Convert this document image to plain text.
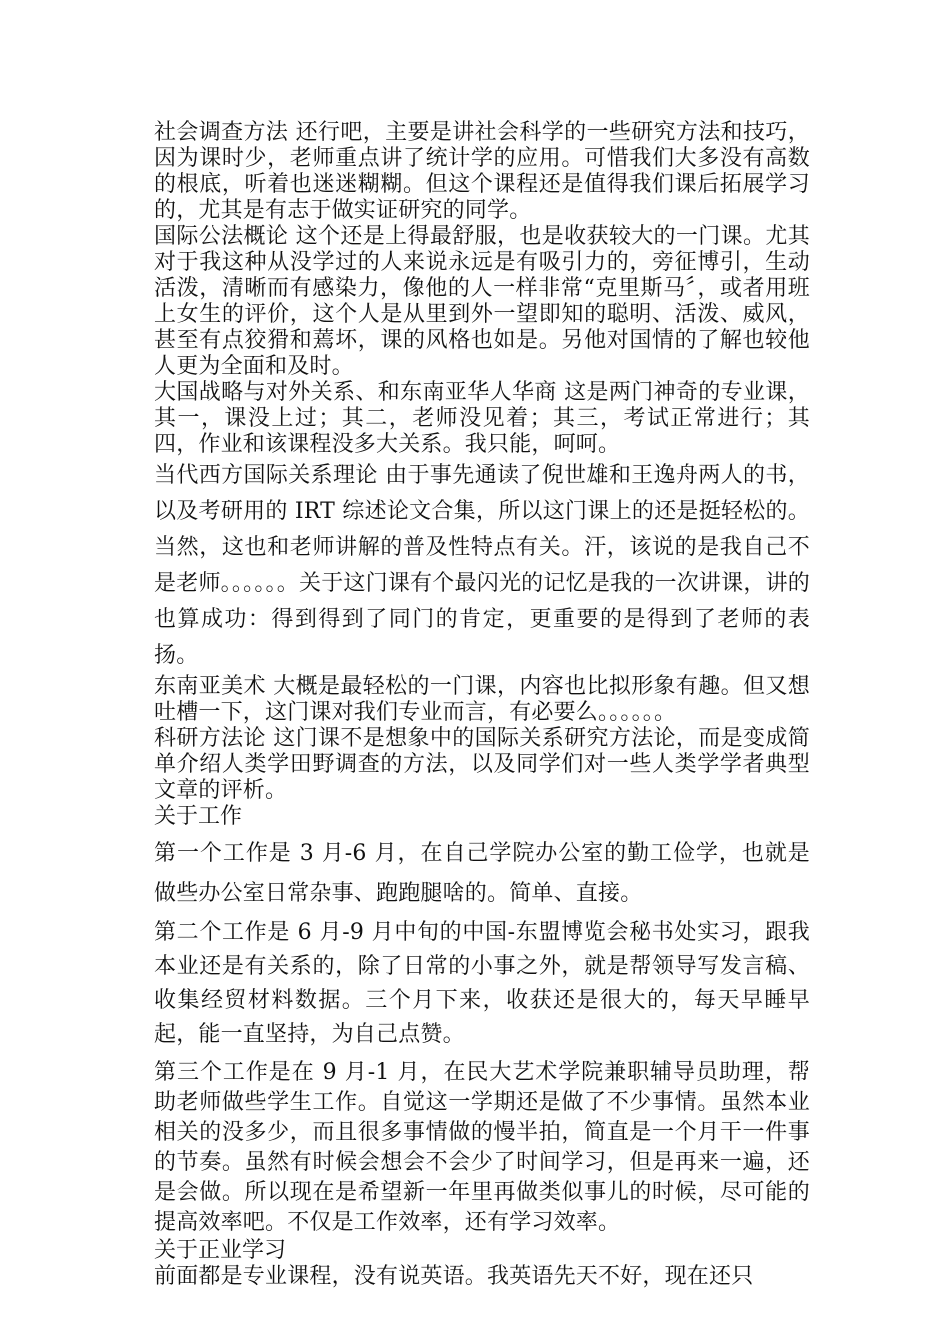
社会调查方法 还行吧，主要是讲社会科学的一些研究方法和技巧，因为课时少，老师重点讲了统计学的应用。可惜我们大多没有高数的根底，听着也迷迷糊糊。但这个课程还是值得我们课后拓展学习的，尤其是有志于做实证研究的同学。

国际公法概论 这个还是上得最舒服，也是收获较大的一门课。尤其对于我这种从没学过的人来说永远是有吸引力的，旁征博引，生动活泼，清晰而有感染力，像他的人一样非常“克里斯马〞，或者用班上女生的评价，这个人是从里到外一望即知的聪明、活泼、威风，甚至有点狡猾和蔫坏，课的风格也如是。另他对国情的了解也较他人更为全面和及时。

大国战略与对外关系、和东南亚华人华商 这是两门神奇的专业课，其一，课没上过；其二，老师没见着；其三，考试正常进行；其四，作业和该课程没多大关系。我只能，呵呵。

当代西方国际关系理论 由于事先通读了倪世雄和王逸舟两人的书，以及考研用的 IRT 综述论文合集，所以这门课上的还是挺轻松的。当然，这也和老师讲解的普及性特点有关。汗，该说的是我自己不是老师。。。。。。关于这门课有个最闪光的记忆是我的一次讲课，讲的也算成功：得到得到了同门的肯定，更重要的是得到了老师的表扬。

东南亚美术 大概是最轻松的一门课，内容也比拟形象有趣。但又想吐槽一下，这门课对我们专业而言，有必要么。。。。。。

科研方法论 这门课不是想象中的国际关系研究方法论，而是变成简单介绍人类学田野调查的方法，以及同学们对一些人类学学者典型文章的评析。

关于工作

第一个工作是 3 月-6 月，在自己学院办公室的勤工俭学，也就是做些办公室日常杂事、跑跑腿啥的。简单、直接。

第二个工作是 6 月-9 月中旬的中国-东盟博览会秘书处实习，跟我本业还是有关系的，除了日常的小事之外，就是帮领导写发言稿、收集经贸材料数据。三个月下来，收获还是很大的，每天早睡早起，能一直坚持，为自己点赞。

第三个工作是在 9 月-1 月，在民大艺术学院兼职辅导员助理，帮助老师做些学生工作。自觉这一学期还是做了不少事情。虽然本业相关的没多少，而且很多事情做的慢半拍，简直是一个月干一件事的节奏。虽然有时候会想会不会少了时间学习，但是再来一遍，还是会做。所以现在是希望新一年里再做类似事儿的时候，尽可能的提高效率吧。不仅是工作效率，还有学习效率。

关于正业学习

前面都是专业课程，没有说英语。我英语先天不好，现在还只
